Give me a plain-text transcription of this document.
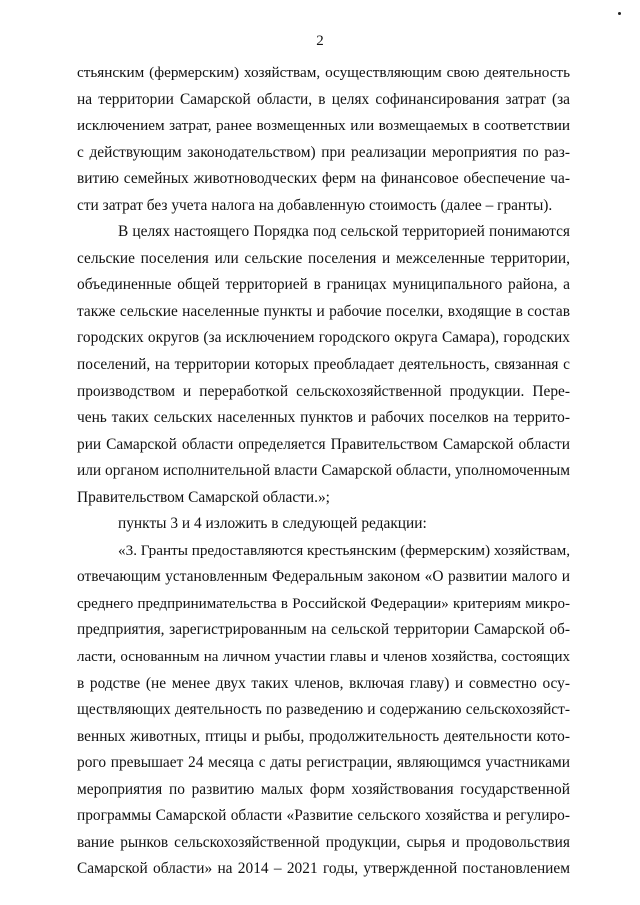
2
стьянским (фермерским) хозяйствам, осуществляющим свою деятельность
на территории Самарской области, в целях софинансирования затрат (за
исключением затрат, ранее возмещенных или возмещаемых в соответствии
с действующим законодательством) при реализации мероприятия по раз-
витию семейных животноводческих ферм на финансовое обеспечение ча-
сти затрат без учета налога на добавленную стоимость (далее – гранты).
В целях настоящего Порядка под сельской территорией понимаются
сельские поселения или сельские поселения и межселенные территории,
объединенные общей территорией в границах муниципального района, а
также сельские населенные пункты и рабочие поселки, входящие в состав
городских округов (за исключением городского округа Самара), городских
поселений, на территории которых преобладает деятельность, связанная с
производством и переработкой сельскохозяйственной продукции. Пере-
чень таких сельских населенных пунктов и рабочих поселков на террито-
рии Самарской области определяется Правительством Самарской области
или органом исполнительной власти Самарской области, уполномоченным
Правительством Самарской области.»;
пункты 3 и 4 изложить в следующей редакции:
«3. Гранты предоставляются крестьянским (фермерским) хозяйствам,
отвечающим установленным Федеральным законом «О развитии малого и
среднего предпринимательства в Российской Федерации» критериям микро-
предприятия, зарегистрированным на сельской территории Самарской об-
ласти, основанным на личном участии главы и членов хозяйства, состоящих
в родстве (не менее двух таких членов, включая главу) и совместно осу-
ществляющих деятельность по разведению и содержанию сельскохозяйст-
венных животных, птицы и рыбы, продолжительность деятельности кото-
рого превышает 24 месяца с даты регистрации, являющимся участниками
мероприятия по развитию малых форм хозяйствования государственной
программы Самарской области «Развитие сельского хозяйства и регулиро-
вание рынков сельскохозяйственной продукции, сырья и продовольствия
Самарской области» на 2014 – 2021 годы, утвержденной постановлением
